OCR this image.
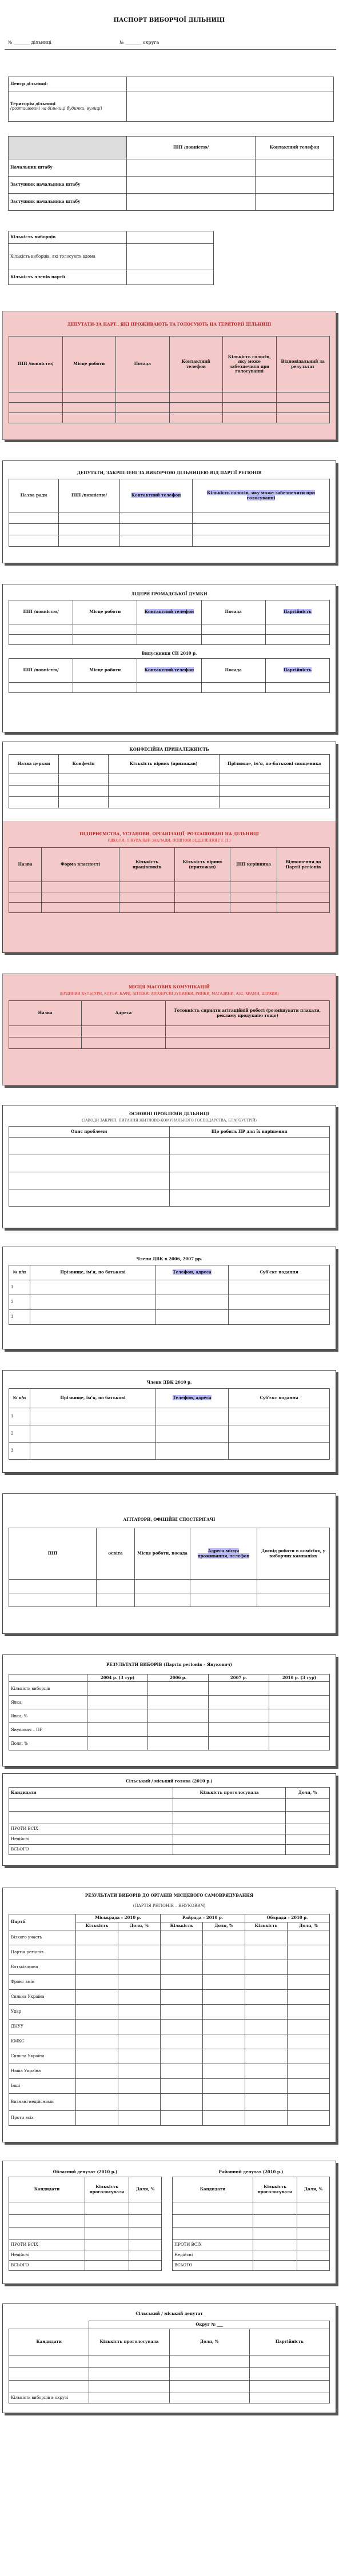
ПАСПОРТ ВИБОРЧОЇ ДІЛЬНИЦІ
№ _______ дільниці	№ _______ округа
Центр дільниці:	
Територія дільниці
(розташовані на дільниці будинки, вулиці)	
	ПІП /повністю/	Контактний телефон
Начальник штабу		
Заступник начальника штабу		
Заступник начальника штабу		
Кількість виборців	
Кількість виборців, які голосують вдома	
Кількість членів партії	
ДЕПУТАТИ-ЗА ПАРТ., ЯКІ ПРОЖИВАЮТЬ ТА ГОЛОСУЮТЬ НА ТЕРИТОРІЇ ДІЛЬНИЦІ
ПІП /повністю/	Місце роботи	Посада	Контактний телефон	Кількість голосів, яку може забезпечити при голосуванні	Відповідальний за результат

ДЕПУТАТИ, ЗАКРІПЛЕНІ ЗА ВИБОРЧОЮ ДІЛЬНИЦЕЮ ВІД ПАРТІЇ РЕГІОНІВ
Назва ради	ПІП /повністю/	Контактний телефон	Кількість голосів, яку може забезпечити при голосуванні

ЛІДЕРИ ГРОМАДСЬКОЇ ДУМКИ
ПІП /повністю/	Місце роботи	Контактний телефон	Посада	Партійність

Випускники СП 2010 р.
ПІП /повністю/	Місце роботи	Контактний телефон	Посада	Партійність

КОНФЕСІЙНА ПРИНАЛЕЖНІСТЬ
Назва церкви	Конфесія	Кількість вірних (прихожан)	Прізвище, ім'я, по-батькові священика

ПІДПРИЄМСТВА, УСТАНОВИ, ОРГАНІЗАЦІЇ, РОЗТАШОВАНІ НА ДІЛЬНИЦІ
(ШКОЛИ, ЛІКУВАЛЬНІ ЗАКЛАДИ, ПОШТОВІ ВІДДІЛЕННЯ І Т. П.)
Назва	Форма власності	Кількість працівників	Кількість вірних (прихожан)	ПІП керівника	Відношення до Партії регіонів

МІСЦЯ МАСОВИХ КОМУНІКАЦІЙ
(БУДИНКИ КУЛЬТУРИ, КЛУБИ, КАФЕ, АПТЕКИ, АВТОБУСНІ ЗУПИНКИ, РИНКИ, МАГАЗИНИ, АЗС, ХРАМИ, ЦЕРКВИ)
Назва	Адреса	Готовність сприяти агітаційній роботі (розміщувати плакати, рекламу продукцію тощо)

ОСНОВНІ ПРОБЛЕМИ ДІЛЬНИЦІ
(ЗАВОДИ ЗАКРИТІ, ПИТАННЯ ЖИТЛОВО-КОМУНАЛЬНОГО ГОСПОДАРСТВА, БЛАГОУСТРІЙ)
Опис проблеми	Що робить ПР для їх вирішення

Члени ДВК в 2006, 2007 рр.
№ п/п	Прізвище, ім'я, по батькові	Телефон, адреса	Суб'єкт подання
1			
2			
3			
Члени ДВК 2010 р.
№ п/п	Прізвище, ім'я, по батькові	Телефон, адреса	Суб'єкт подання
1			
2			
3			
АГІТАТОРИ, ОФІЦІЙНІ СПОСТЕРІГАЧІ
ПІП	освіта	Місце роботи, посада	Адреса місця проживання, телефон	Досвід роботи в комісіях, у виборчих кампаніях

РЕЗУЛЬТАТИ ВИБОРІВ (Партія регіонів – Янукович)
	2004 р. (3 тур)	2006 р.	2007 р.	2010 р. (3 тур)
Кількість виборців				
Явка,				
Явка, %				
Янукович – ПР				
Доля, %				
Сільський / міський голова (2010 р.)
Кандидати	Кількість проголосувала	Доля, %

ПРОТИ ВСІХ		
Недійсні		
ВСЬОГО		
РЕЗУЛЬТАТИ ВИБОРІВ ДО ОРГАНІВ МІСЦЕВОГО САМОВРЯДУВАННЯ
(ПАРТІЯ РЕГІОНІВ – ЯНУКОВИЧ)
Партії	Міськрада – 2010 р.		Райрада – 2010 р.		Облрада – 2010 р.	
	Кількість	Доля, %	Кількість	Доля, %	Кількість	Доля, %
Візкого участь						
Партія регіонів						
Батьківщина						
Фронт змін						
Сильна Україна						
Удар						
ДНУУ						
КМКС						
Сильна Україна						
Наша Україна						
Інші						
Визнані недійсними						
Проти всіх						
Обласний депутат (2010 р.)
Кандидати	Кількість проголосувала	Доля, %

ПРОТИ ВСІХ		
Недійсні		
ВСЬОГО		
Районний депутат (2010 р.)
Кандидати	Кількість проголосувала	Доля, %

ПРОТИ ВСІХ		
Недійсні		
ВСЬОГО		
Сільський / міський депутат
	Округ № ___		
Кандидати	Кількість проголосувала	Доля, %	Партійність

Кількість виборців в окрузі			
